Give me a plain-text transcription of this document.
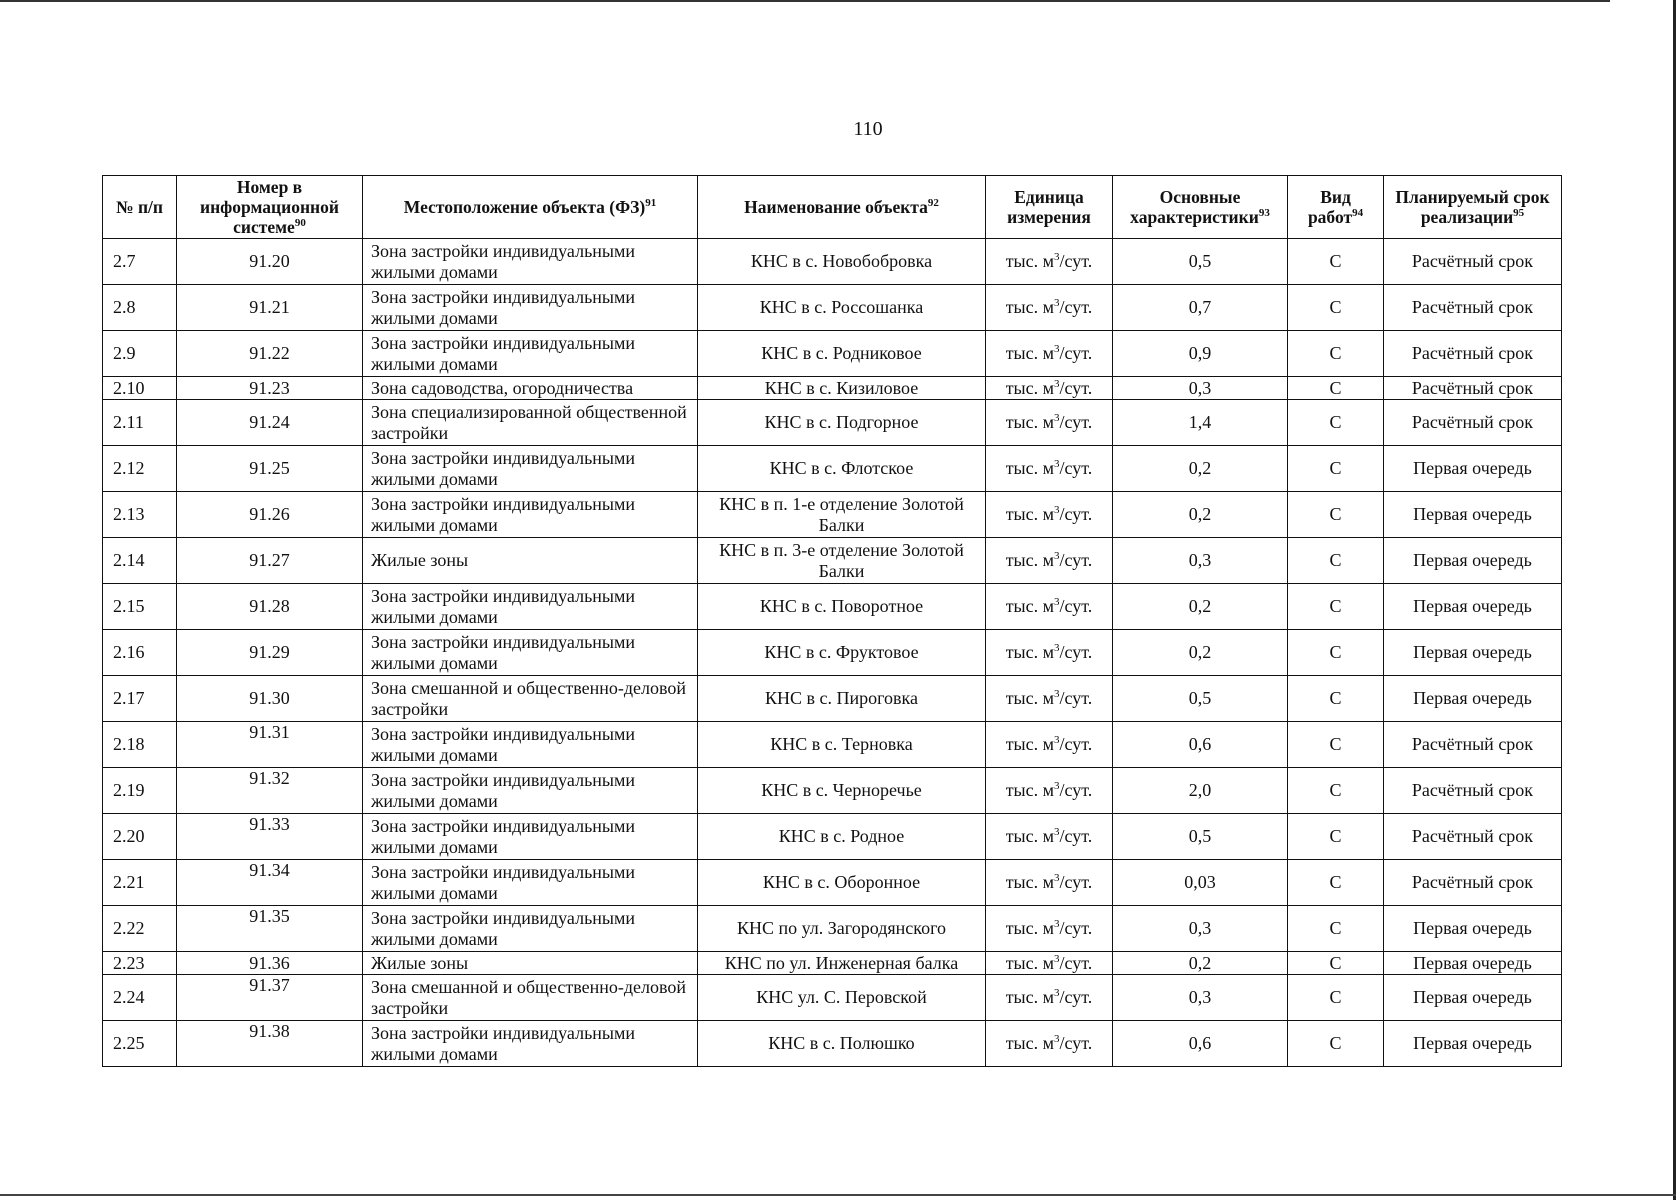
110
№ п/п	Номер в информационной системе$^{90}$	Местоположение объекта (ФЗ)$^{91}$	Наименование объекта$^{92}$	Единица измерения	Основные характеристики$^{93}$	Вид работ$^{94}$	Планируемый срок реализации$^{95}$
2.7	91.20	Зона застройки индивидуальными жилыми домами	КНС в с. Новобобровка	тыс. $м^3$/сут.	0,5	С	Расчётный срок
2.8	91.21	Зона застройки индивидуальными жилыми домами	КНС в с. Россошанка	тыс. $м^3$/сут.	0,7	С	Расчётный срок
2.9	91.22	Зона застройки индивидуальными жилыми домами	КНС в с. Родниковое	тыс. $м^3$/сут.	0,9	С	Расчётный срок
2.10	91.23	Зона садоводства, огородничества	КНС в с. Кизиловое	тыс. $м^3$/сут.	0,3	С	Расчётный срок
2.11	91.24	Зона специализированной общественной застройки	КНС в с. Подгорное	тыс. $м^3$/сут.	1,4	С	Расчётный срок
2.12	91.25	Зона застройки индивидуальными жилыми домами	КНС в с. Флотское	тыс. $м^3$/сут.	0,2	С	Первая очередь
2.13	91.26	Зона застройки индивидуальными жилыми домами	КНС в п. 1-е отделение Золотой Балки	тыс. $м^3$/сут.	0,2	С	Первая очередь
2.14	91.27	Жилые зоны	КНС в п. 3-е отделение Золотой Балки	тыс. $м^3$/сут.	0,3	С	Первая очередь
2.15	91.28	Зона застройки индивидуальными жилыми домами	КНС в с. Поворотное	тыс. $м^3$/сут.	0,2	С	Первая очередь
2.16	91.29	Зона застройки индивидуальными жилыми домами	КНС в с. Фруктовое	тыс. $м^3$/сут.	0,2	С	Первая очередь
2.17	91.30	Зона смешанной и общественно-деловой застройки	КНС в с. Пироговка	тыс. $м^3$/сут.	0,5	С	Первая очередь
2.18	91.31	Зона застройки индивидуальными жилыми домами	КНС в с. Терновка	тыс. $м^3$/сут.	0,6	С	Расчётный срок
2.19	91.32	Зона застройки индивидуальными жилыми домами	КНС в с. Черноречье	тыс. $м^3$/сут.	2,0	С	Расчётный срок
2.20	91.33	Зона застройки индивидуальными жилыми домами	КНС в с. Родное	тыс. $м^3$/сут.	0,5	С	Расчётный срок
2.21	91.34	Зона застройки индивидуальными жилыми домами	КНС в с. Оборонное	тыс. $м^3$/сут.	0,03	С	Расчётный срок
2.22	91.35	Зона застройки индивидуальными жилыми домами	КНС по ул. Загородянского	тыс. $м^3$/сут.	0,3	С	Первая очередь
2.23	91.36	Жилые зоны	КНС по ул. Инженерная балка	тыс. $м^3$/сут.	0,2	С	Первая очередь
2.24	91.37	Зона смешанной и общественно-деловой застройки	КНС ул. С. Перовской	тыс. $м^3$/сут.	0,3	С	Первая очередь
2.25	91.38	Зона застройки индивидуальными жилыми домами	КНС в с. Полюшко	тыс. $м^3$/сут.	0,6	С	Первая очередь
